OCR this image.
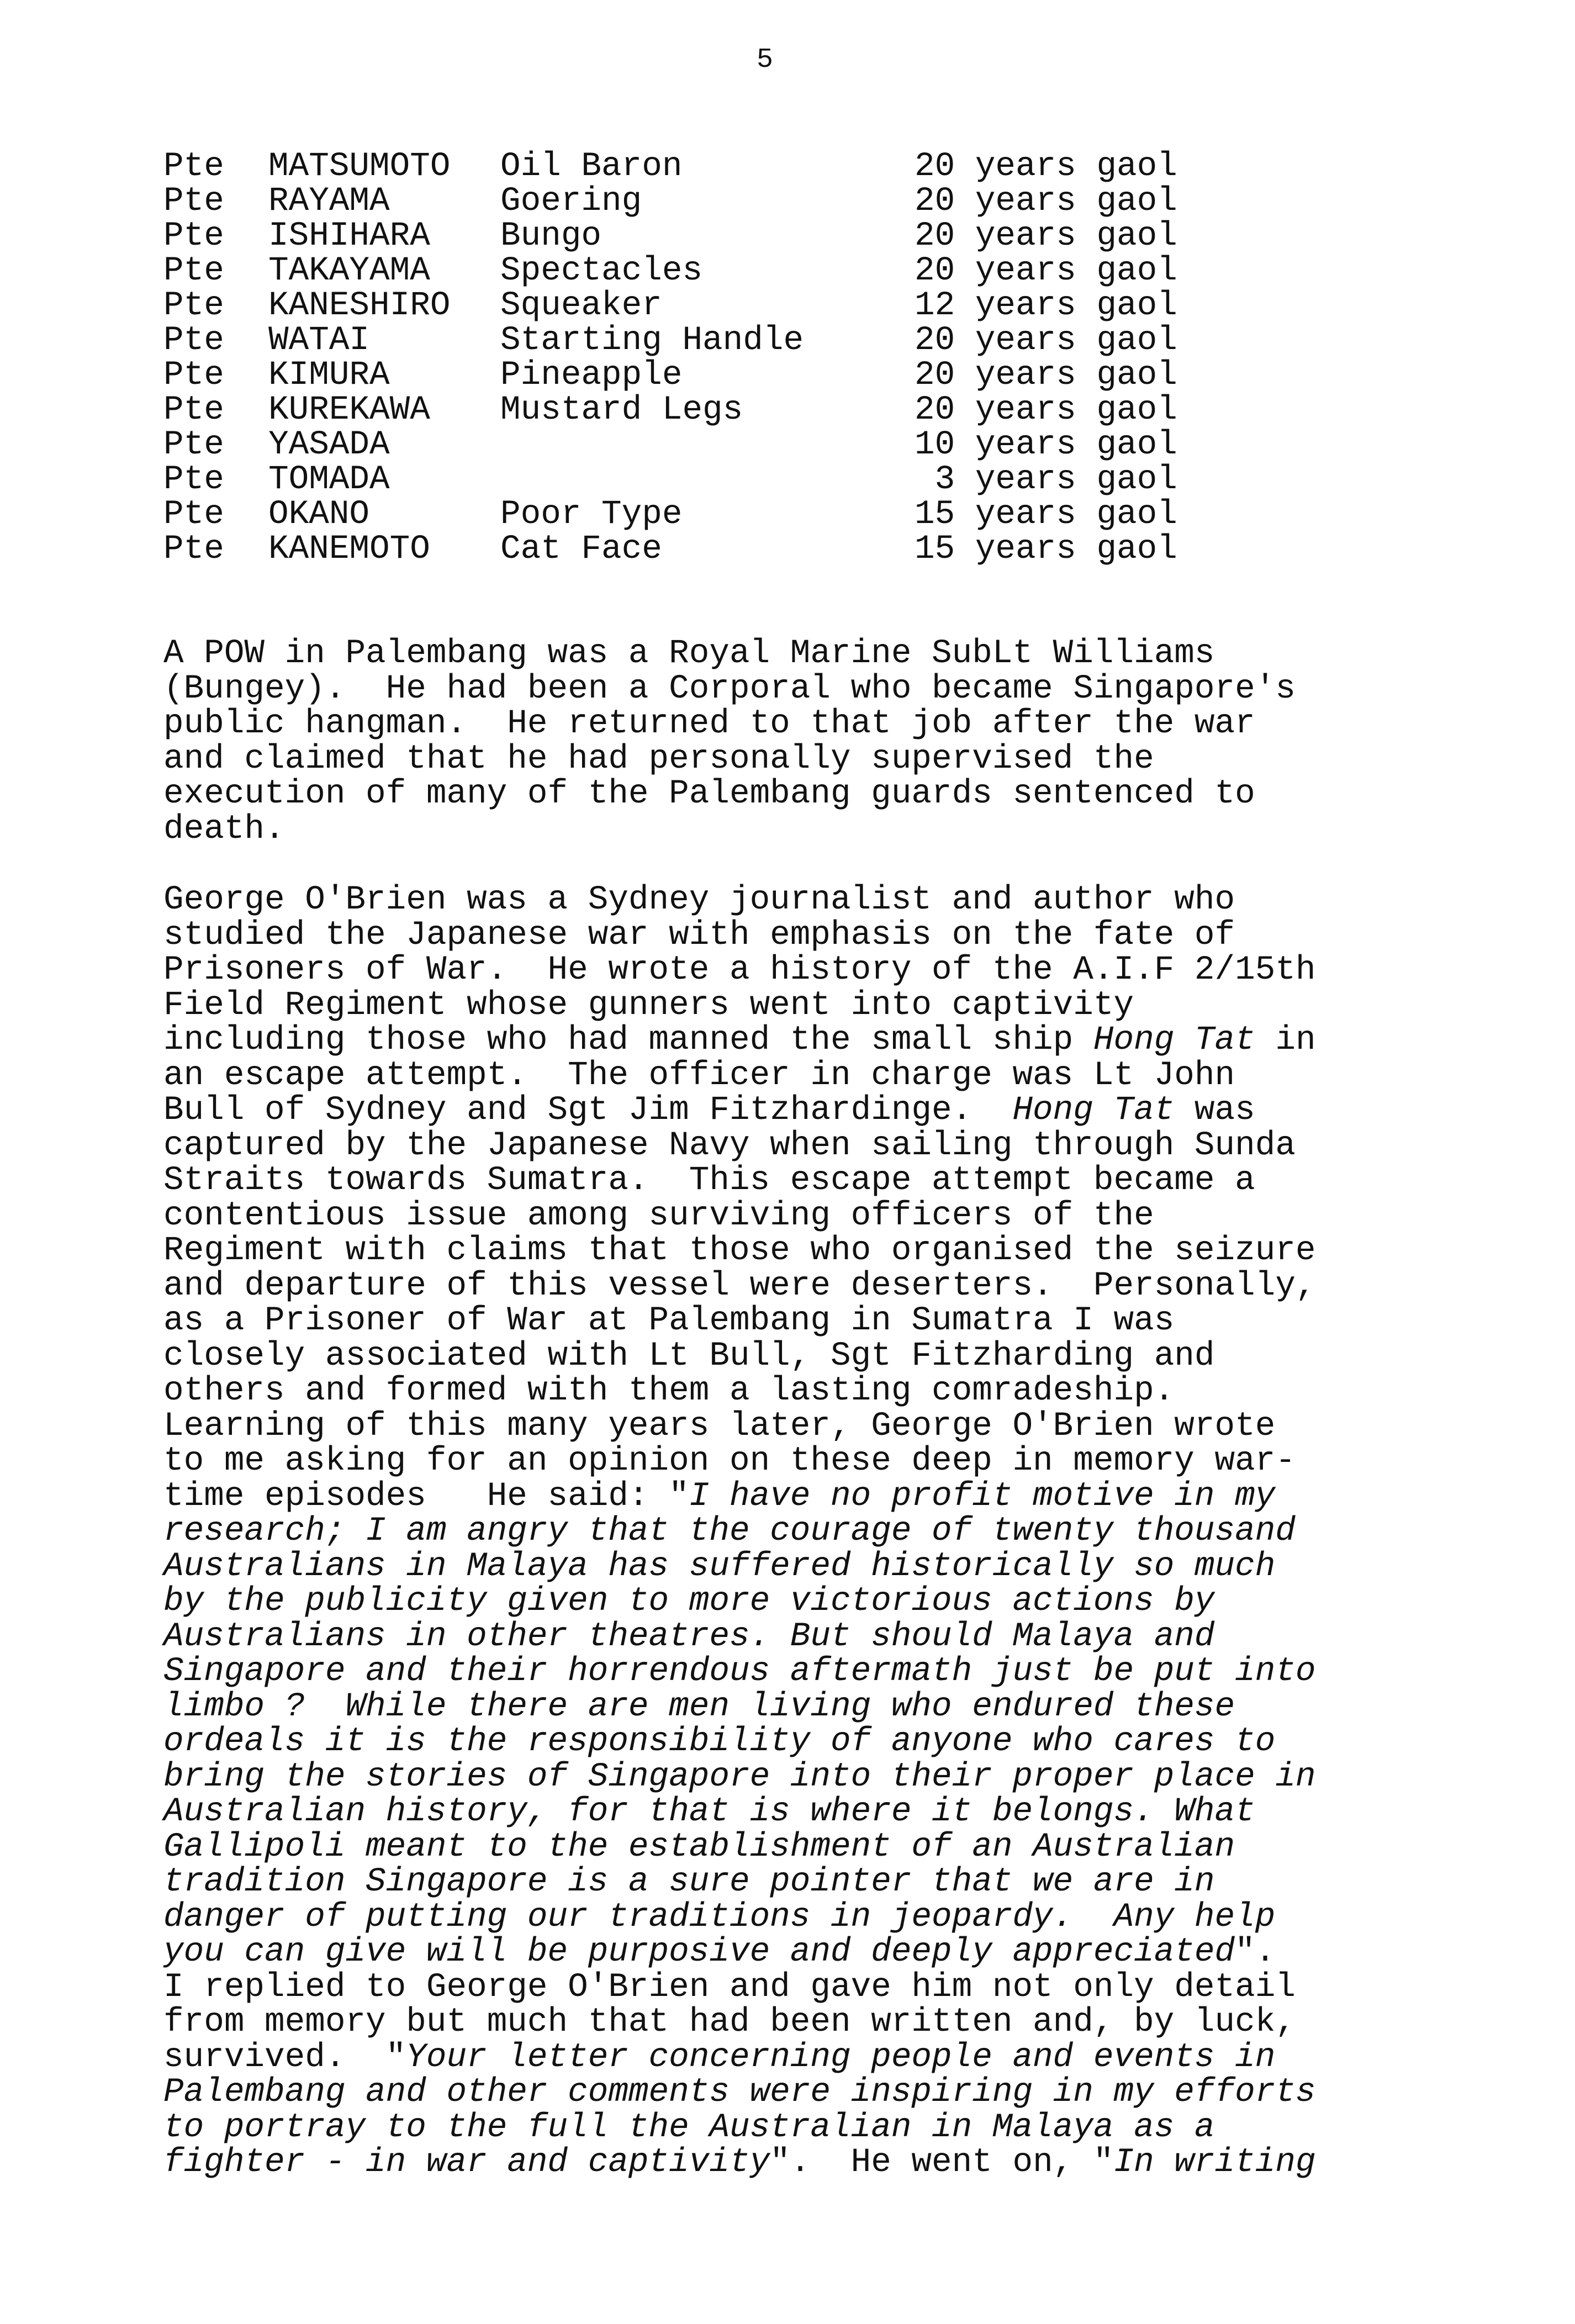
5
Pte MATSUMOTO Oil Baron	20 years gaol
Pte RAYAMA	Goering	20 years gaol
Pte ISHIHARA Bungo	20 years gaol
Pte TAKAYAMA Spectacles	20 years gaol
Pte KANESHIRO Squeaker	12 years gaol
Pte WATAI	Starting Handle	20 years gaol
Pte KIMURA	Pineapple	20 years gaol
Pte KUREKAWA Mustard Legs	20 years gaol
Pte YASADA	10 years gaol
Pte TOMADA	3 years gaol
Pte OKANO	Poor Type	15 years gaol
Pte KANEMOTO Cat Face	15 years gaol
A POW in Palembang was a Royal Marine SubLt Williams
(Bungey).  He had been a Corporal who became Singapore's
public hangman.  He returned to that job after the war
and claimed that he had personally supervised the
execution of many of the Palembang guards sentenced to
death.
George O'Brien was a Sydney journalist and author who
studied the Japanese war with emphasis on the fate of
Prisoners of War.  He wrote a history of the A.I.F 2/15th
Field Regiment whose gunners went into captivity
including those who had manned the small ship Hong Tat in
an escape attempt.  The officer in charge was Lt John
Bull of Sydney and Sgt Jim Fitzhardinge.  Hong Tat was
captured by the Japanese Navy when sailing through Sunda
Straits towards Sumatra.  This escape attempt became a
contentious issue among surviving officers of the
Regiment with claims that those who organised the seizure
and departure of this vessel were deserters.  Personally,
as a Prisoner of War at Palembang in Sumatra I was
closely associated with Lt Bull, Sgt Fitzharding and
others and formed with them a lasting comradeship.
Learning of this many years later, George O'Brien wrote
to me asking for an opinion on these deep in memory war-
time episodes   He said: "I have no profit motive in my
research; I am angry that the courage of twenty thousand
Australians in Malaya has suffered historically so much
by the publicity given to more victorious actions by
Australians in other theatres. But should Malaya and
Singapore and their horrendous aftermath just be put into
limbo ?  While there are men living who endured these
ordeals it is the responsibility of anyone who cares to
bring the stories of Singapore into their proper place in
Australian history, for that is where it belongs. What
Gallipoli meant to the establishment of an Australian
tradition Singapore is a sure pointer that we are in
danger of putting our traditions in jeopardy.  Any help
you can give will be purposive and deeply appreciated".
I replied to George O'Brien and gave him not only detail
from memory but much that had been written and, by luck,
survived.  "Your letter concerning people and events in
Palembang and other comments were inspiring in my efforts
to portray to the full the Australian in Malaya as a
fighter - in war and captivity".  He went on, "In writing
